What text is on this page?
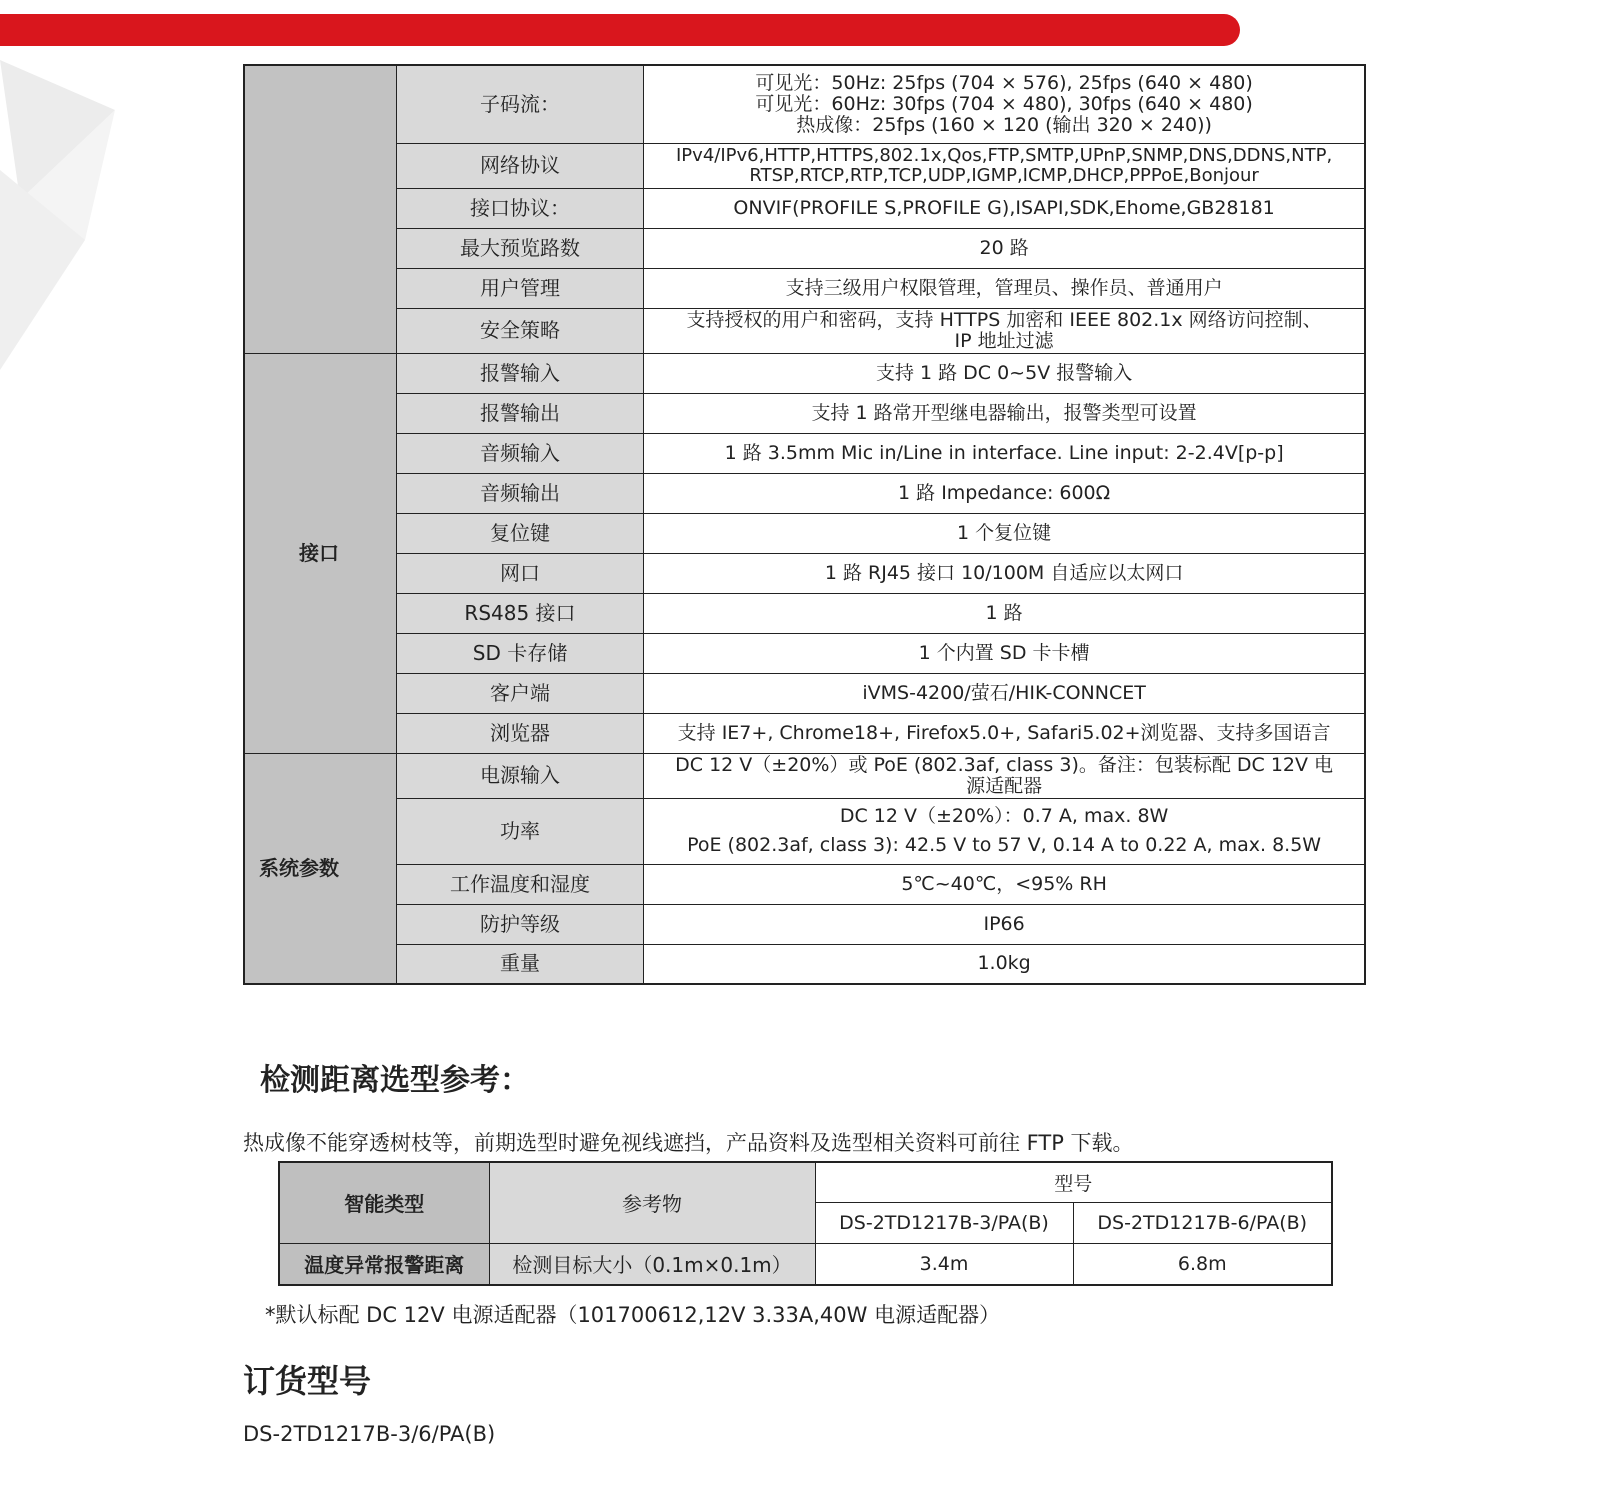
	子码流：	可见光：50Hz: 25fps (704 × 576), 25fps (640 × 480)
可见光：60Hz: 30fps (704 × 480), 30fps (640 × 480)
热成像：25fps (160 × 120 (输出 320 × 240))

	网络协议	IPv4/IPv6,HTTP,HTTPS,802.1x,Qos,FTP,SMTP,UPnP,SNMP,DNS,DDNS,NTP,
RTSP,RTCP,RTP,TCP,UDP,IGMP,ICMP,DHCP,PPPoE,Bonjour

	接口协议：	ONVIF(PROFILE S,PROFILE G),ISAPI,SDK,Ehome,GB28181

	最大预览路数	20 路

	用户管理	支持三级用户权限管理，管理员、操作员、普通用户

	安全策略	支持授权的用户和密码，支持 HTTPS 加密和 IEEE 802.1x 网络访问控制、
IP 地址过滤

接口	报警输入	支持 1 路 DC 0~5V 报警输入

	报警输出	支持 1 路常开型继电器输出，报警类型可设置

	音频输入	1 路 3.5mm Mic in/Line in interface. Line input: 2-2.4V[p-p]

	音频输出	1 路 Impedance: 600Ω

	复位键	1 个复位键

	网口	1 路 RJ45 接口 10/100M 自适应以太网口

	RS485 接口	1 路

	SD 卡存储	1 个内置 SD 卡卡槽

	客户端	iVMS-4200/萤石/HIK-CONNCET

	浏览器	支持 IE7+, Chrome18+, Firefox5.0+, Safari5.02+浏览器、支持多国语言

系统参数	电源输入	DC 12 V（±20%）或 PoE (802.3af, class 3)。备注：包装标配 DC 12V 电
源适配器

	功率	DC 12 V（±20%）：0.7 A, max. 8W
PoE (802.3af, class 3): 42.5 V to 57 V, 0.14 A to 0.22 A, max. 8.5W

	工作温度和湿度	5℃~40℃，<95% RH

	防护等级	IP66

	重量	1.0kg
检测距离选型参考：

热成像不能穿透树枝等，前期选型时避免视线遮挡，产品资料及选型相关资料可前往 FTP 下载。

智能类型	参考物	型号	
		DS-2TD1217B-3/PA(B)	DS-2TD1217B-6/PA(B)
温度异常报警距离	检测目标大小（0.1m×0.1m）	3.4m	6.8m

*默认标配 DC 12V 电源适配器（101700612,12V 3.33A,40W 电源适配器）

订货型号

DS-2TD1217B-3/6/PA(B)
